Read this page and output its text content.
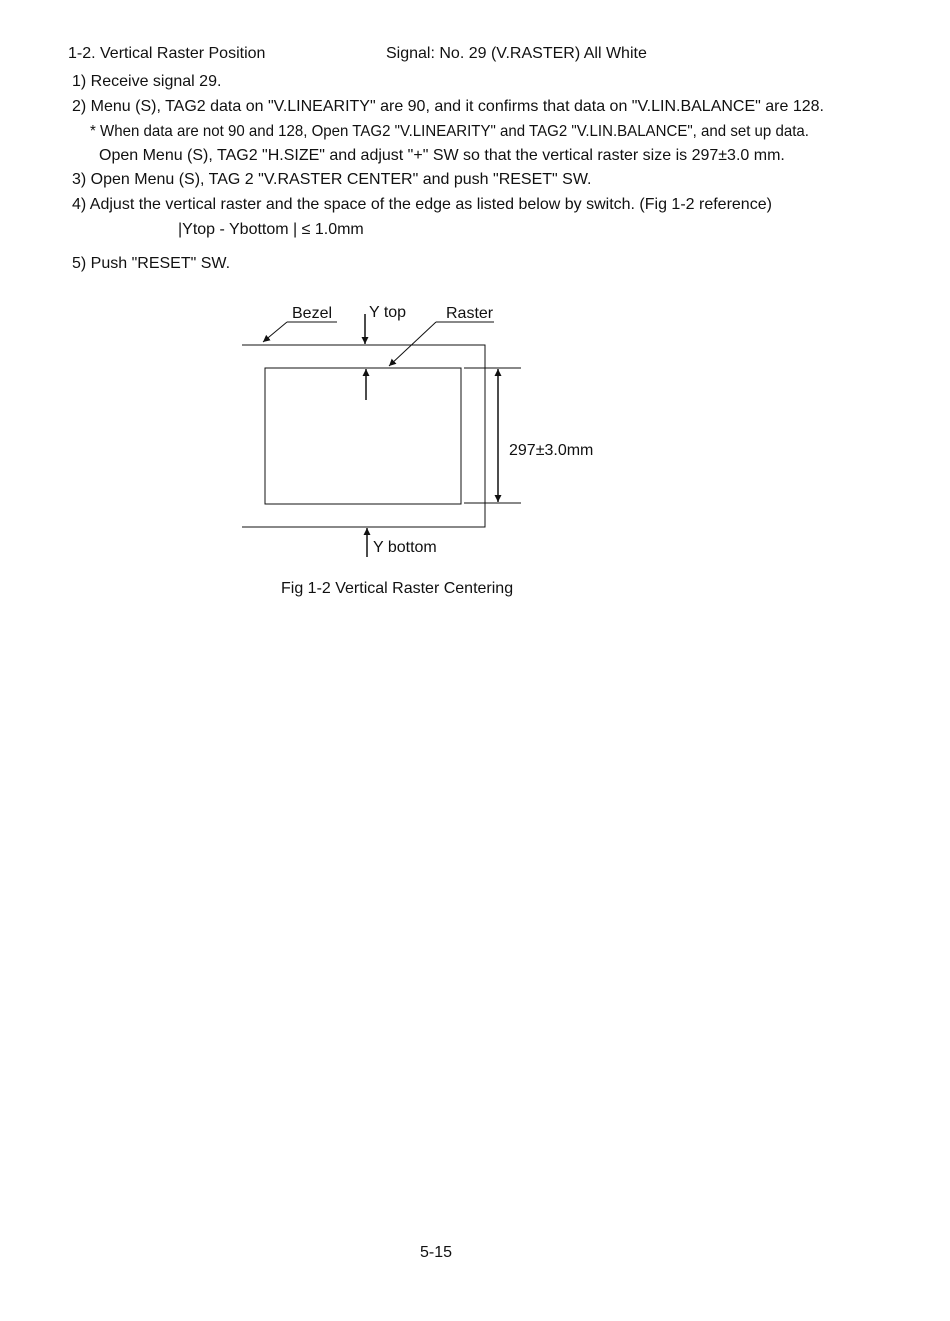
1-2. Vertical Raster Position	Signal: No. 29 (V.RASTER) All White
1) Receive signal 29.
2) Menu (S), TAG2 data on "V.LINEARITY" are 90, and it confirms that data on "V.LIN.BALANCE" are 128.
* When data are not 90 and 128, Open TAG2 "V.LINEARITY" and TAG2 "V.LIN.BALANCE", and set up data.
Open Menu (S), TAG2 "H.SIZE" and adjust "+" SW so that the vertical raster size is 297±3.0 mm.
3) Open Menu (S), TAG 2 "V.RASTER CENTER" and push "RESET" SW.
4) Adjust the vertical raster and the space of the edge as listed below by switch. (Fig 1-2 reference)
|Ytop - Ybottom | ≤ 1.0mm
5) Push "RESET" SW.
Bezel Y top Raster
297±3.0mm
Y bottom
Fig 1-2 Vertical Raster Centering
5-15
